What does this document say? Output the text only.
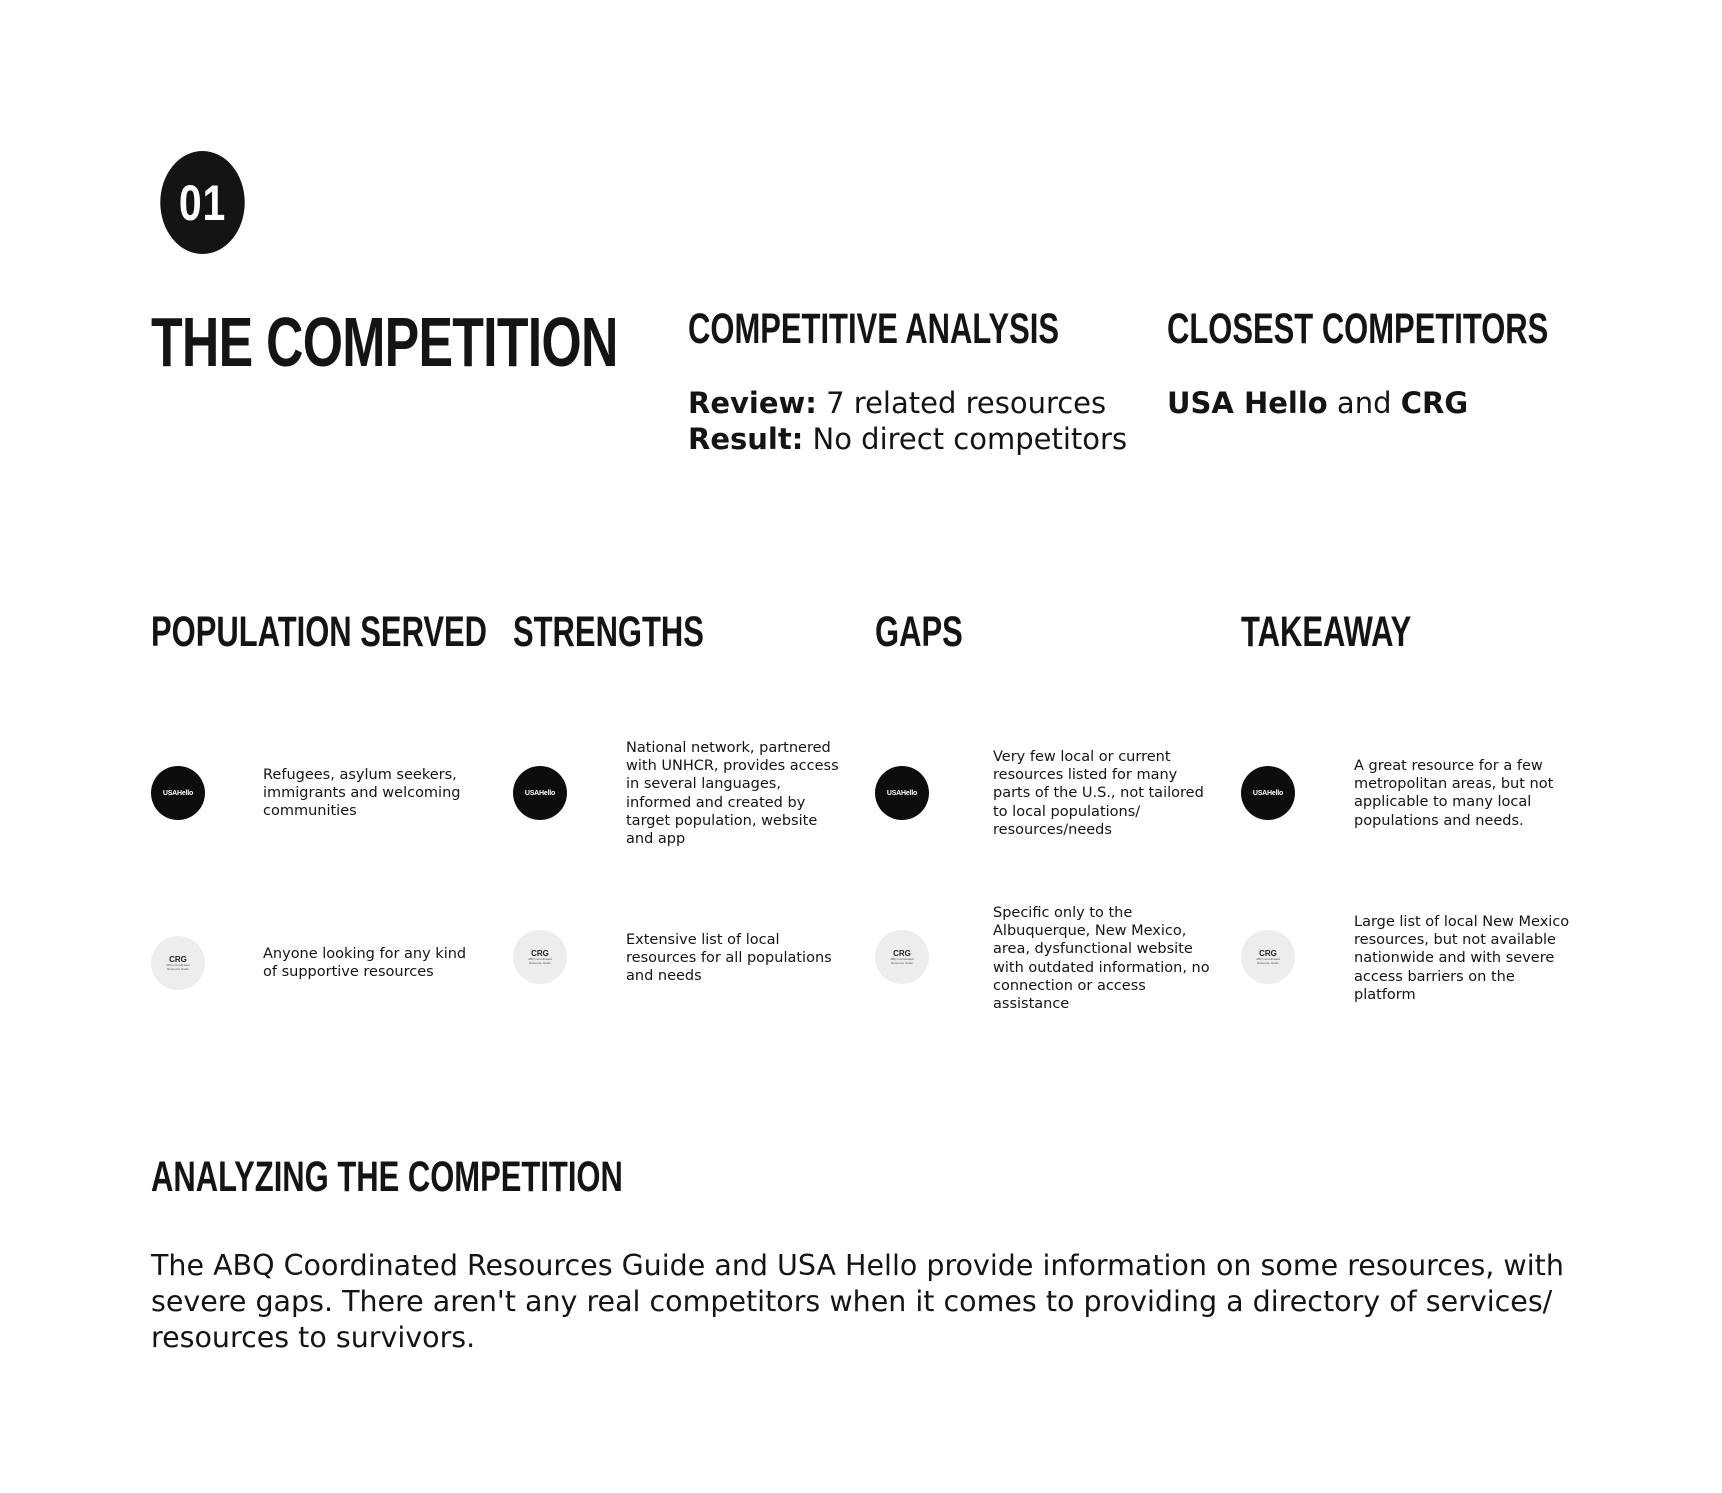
01
THE COMPETITION COMPETITIVE ANALYSIS
Review: 7 related resources
Result: No direct competitors
CLOSEST COMPETITORS
USA Hello and CRG
POPULATION SERVED STRENGTHS	GAPS	TAKEAWAY
USAHello
Refugees, asylum seekers, immigrants and welcoming communities
USAHello
National network, partnered with UNHCR, provides access in several languages, informed and created by target population, website and app
USAHello
Very few local or current resources listed for many parts of the U.S., not tailored to local populations/ resources/needs
USAHello
A great resource for a few metropolitan areas, but not applicable to many local populations and needs.
CRG
ABQ Coordinated Resource Guide
Anyone looking for any kind of supportive resources
CRG
ABQ Coordinated Resource Guide
Extensive list of local resources for all populations and needs
CRG
ABQ Coordinated Resource Guide
Specific only to the Albuquerque, New Mexico, area, dysfunctional website with outdated information, no connection or access assistance
CRG
ABQ Coordinated Resource Guide
Large list of local New Mexico resources, but not available nationwide and with severe access barriers on the platform
ANALYZING THE COMPETITION

The ABQ Coordinated Resources Guide and USA Hello provide information on some resources, with severe gaps. There aren't any real competitors when it comes to providing a directory of services/ resources to survivors.
